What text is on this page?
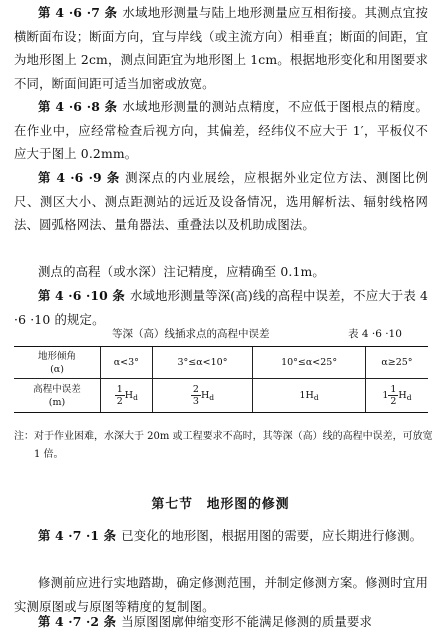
第 4 ·6 ·7 条 水域地形测量与陆上地形测量应互相衔接。其测点宜按横断面布设；断面方向，宜与岸线（或主流方向）相垂直；断面的间距，宜为地形图上 2cm，测点间距宜为地形图上 1cm。根据地形变化和用图要求不同，断面间距可适当加密或放宽。

第 4 ·6 ·8 条 水域地形测量的测站点精度，不应低于图根点的精度。在作业中，应经常检查后视方向，其偏差，经纬仪不应大于 1′，平板仪不应大于图上 0.2mm。

第 4 ·6 ·9 条 测深点的内业展绘，应根据外业定位方法、测图比例尺、测区大小、测点距测站的远近及设备情况，选用解析法、辐射线格网法、圆弧格网法、量角器法、重叠法以及机助成图法。

测点的高程（或水深）注记精度，应精确至 0.1m。

第 4 ·6 ·10 条 水域地形测量等深(高)线的高程中误差，不应大于表 4 ·6 ·10 的规定。

等深（高）线插求点的高程中误差	表 4 ·6 ·10
地形倾角
(α)	α<3°	3°≤α<10°	10°≤α<25°	α≥25°
高程中误差
(m)	$\frac{1}{2} H_d$	$\frac{2}{3} H_d$	$1H_d$	$1 \frac{1}{2} H_d$

注： 对于作业困难，水深大于 20m 或工程要求不高时，其等深（高）线的高程中误差，可放宽 1 倍。

第七节　地形图的修测

第 4 ·7 ·1 条 已变化的地形图，根据用图的需要，应长期进行修测。

修测前应进行实地踏勘，确定修测范围，并制定修测方案。修测时宜用实测原图或与原图等精度的复制图。

第 4 ·7 ·2 条 当原图图廓伸缩变形不能满足修测的质量要求
